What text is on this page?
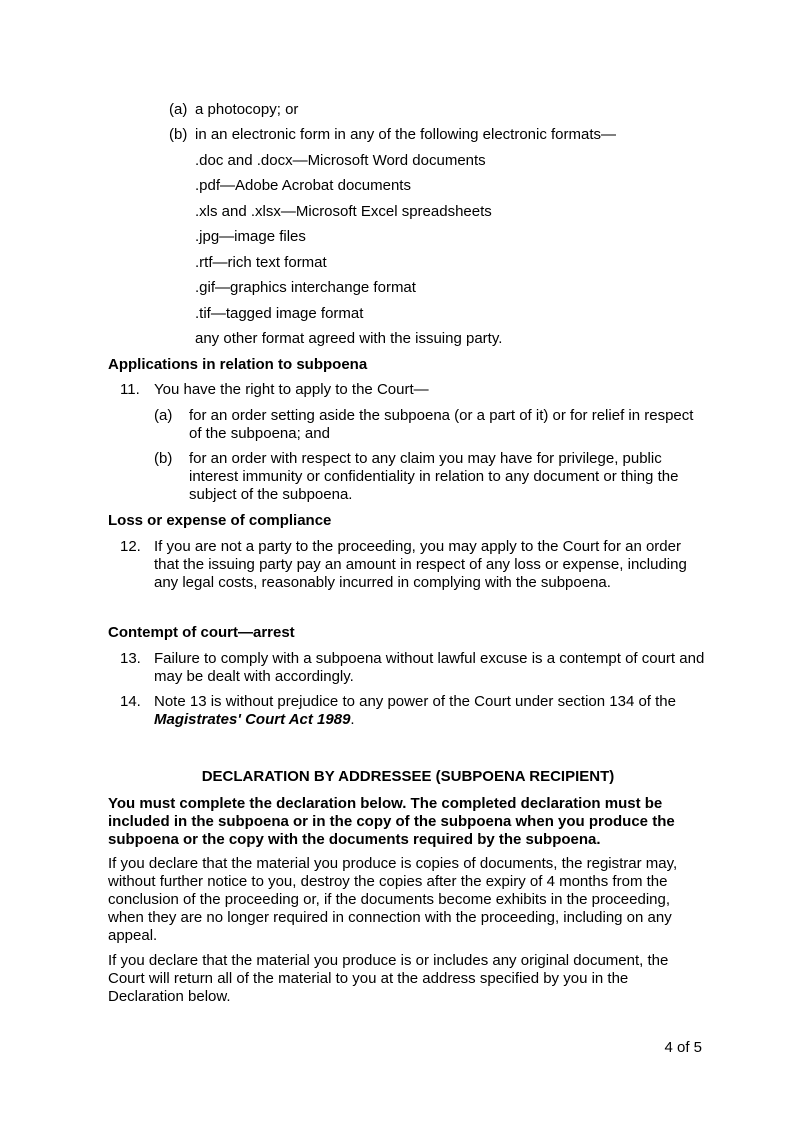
(a) a photocopy; or
(b) in an electronic form in any of the following electronic formats—
.doc and .docx—Microsoft Word documents
.pdf—Adobe Acrobat documents
.xls and .xlsx—Microsoft Excel spreadsheets
.jpg—image files
.rtf—rich text format
.gif—graphics interchange format
.tif—tagged image format
any other format agreed with the issuing party.
Applications in relation to subpoena
11. You have the right to apply to the Court—
(a) for an order setting aside the subpoena (or a part of it) or for relief in respect of the subpoena; and
(b) for an order with respect to any claim you may have for privilege, public interest immunity or confidentiality in relation to any document or thing the subject of the subpoena.
Loss or expense of compliance
12. If you are not a party to the proceeding, you may apply to the Court for an order that the issuing party pay an amount in respect of any loss or expense, including any legal costs, reasonably incurred in complying with the subpoena.
Contempt of court—arrest
13. Failure to comply with a subpoena without lawful excuse is a contempt of court and may be dealt with accordingly.
14. Note 13 is without prejudice to any power of the Court under section 134 of the Magistrates' Court Act 1989.
DECLARATION BY ADDRESSEE (SUBPOENA RECIPIENT)
You must complete the declaration below. The completed declaration must be included in the subpoena or in the copy of the subpoena when you produce the subpoena or the copy with the documents required by the subpoena.
If you declare that the material you produce is copies of documents, the registrar may, without further notice to you, destroy the copies after the expiry of 4 months from the conclusion of the proceeding or, if the documents become exhibits in the proceeding, when they are no longer required in connection with the proceeding, including on any appeal.
If you declare that the material you produce is or includes any original document, the Court will return all of the material to you at the address specified by you in the Declaration below.
4 of 5
